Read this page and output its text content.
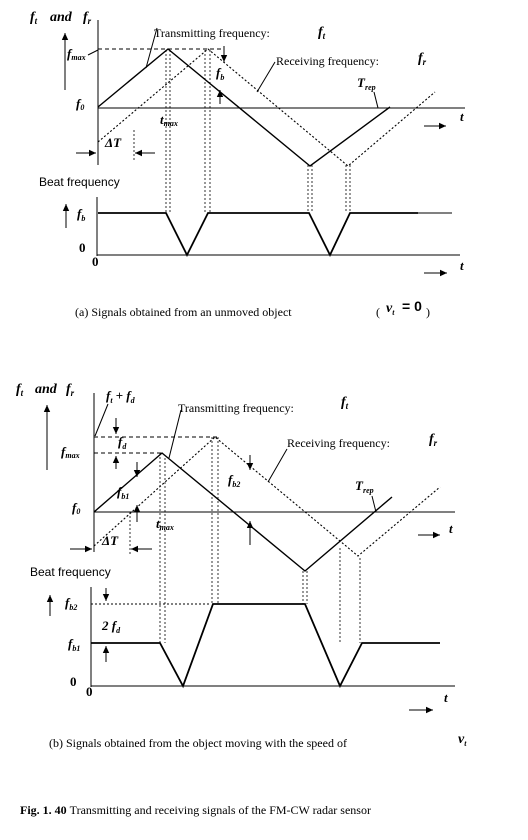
$f_t$ and $f_r$
t
fmax
f0
Transmitting frequency:	$f_t$
Receiving frequency:	$f_r$
$f_b$
tmax
$T_{rep}$
ΔT
Beat frequency
$f_b$
0
0	t
(a) Signals obtained from an unmoved object	( $v_t = 0$ )
$f_t$ and $f_r$ $f_t + f_d$
t
fmax
f0
$f_d$
Transmitting frequency:	$f_t$
Receiving frequency:	$f_r$
$f_{b2}$
$f_{b1}$
tmax
$T_{rep}$
ΔT
Beat frequency
$f_{b2}$
2 $f_d$
$f_{b1}$
0
0	t
(b) Signals obtained from the object moving with the speed of	$v_t$
Fig. 1. 40 Transmitting and receiving signals of the FM-CW radar sensor
